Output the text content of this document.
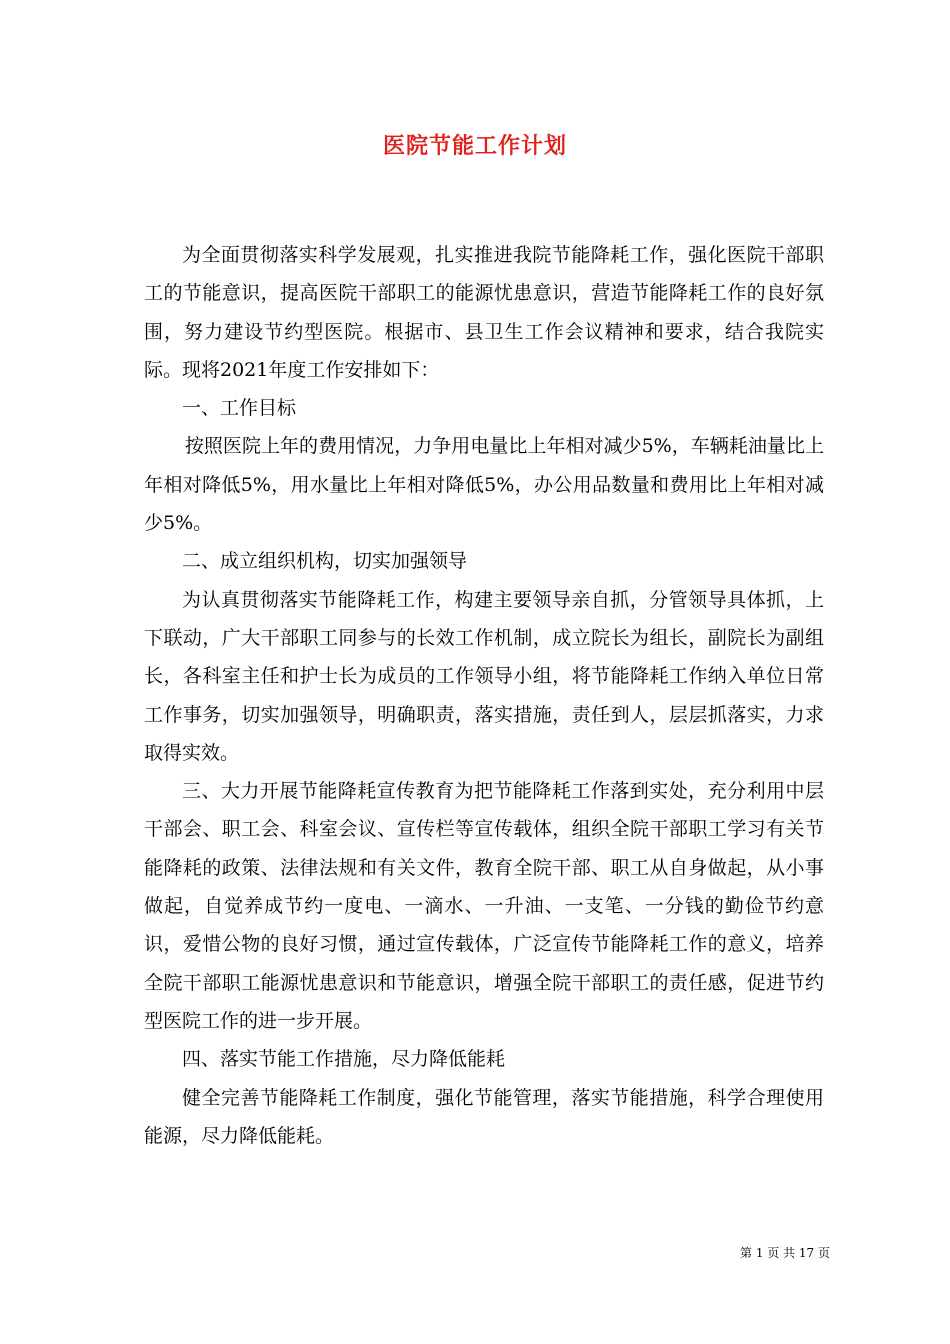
医院节能工作计划

为全面贯彻落实科学发展观，扎实推进我院节能降耗工作，强化医院干部职工的节能意识，提高医院干部职工的能源忧患意识，营造节能降耗工作的良好氛围，努力建设节约型医院。根据市、县卫生工作会议精神和要求，结合我院实际。现将2021年度工作安排如下：

一、工作目标

按照医院上年的费用情况，力争用电量比上年相对减少5%，车辆耗油量比上年相对降低5%，用水量比上年相对降低5%，办公用品数量和费用比上年相对减少5%。

二、成立组织机构，切实加强领导

为认真贯彻落实节能降耗工作，构建主要领导亲自抓，分管领导具体抓，上下联动，广大干部职工同参与的长效工作机制，成立院长为组长，副院长为副组长，各科室主任和护士长为成员的工作领导小组，将节能降耗工作纳入单位日常工作事务，切实加强领导，明确职责，落实措施，责任到人，层层抓落实，力求取得实效。

三、大力开展节能降耗宣传教育为把节能降耗工作落到实处，充分利用中层干部会、职工会、科室会议、宣传栏等宣传载体，组织全院干部职工学习有关节能降耗的政策、法律法规和有关文件，教育全院干部、职工从自身做起，从小事做起，自觉养成节约一度电、一滴水、一升油、一支笔、一分钱的勤俭节约意识，爱惜公物的良好习惯，通过宣传载体，广泛宣传节能降耗工作的意义，培养全院干部职工能源忧患意识和节能意识，增强全院干部职工的责任感，促进节约型医院工作的进一步开展。

四、落实节能工作措施，尽力降低能耗

健全完善节能降耗工作制度，强化节能管理，落实节能措施，科学合理使用能源，尽力降低能耗。

第 1 页 共 17 页
